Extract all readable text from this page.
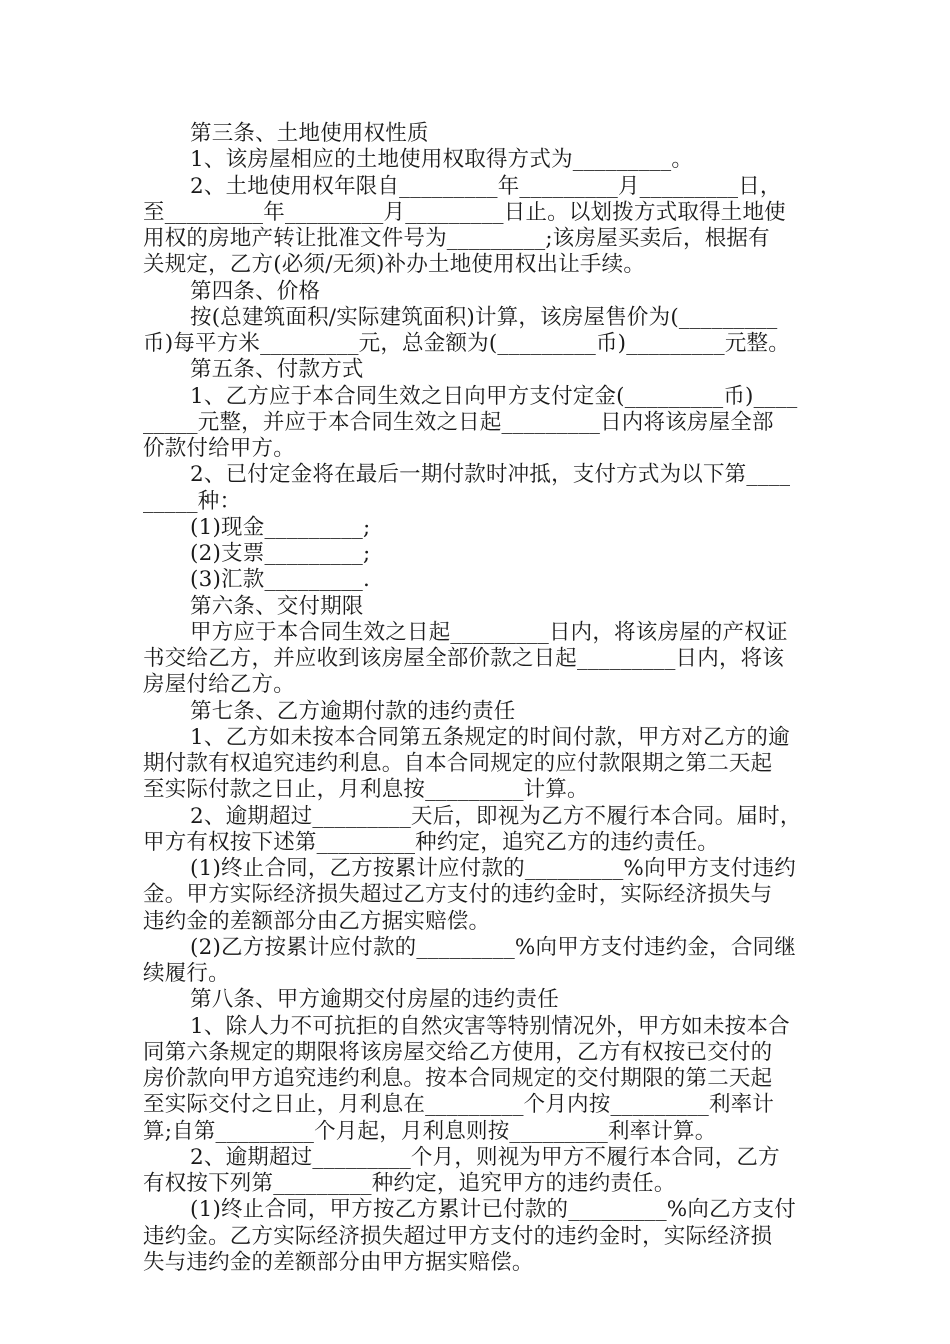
第三条、土地使用权性质
1、该房屋相应的土地使用权取得方式为_________。
2、土地使用权年限自_________年_________月_________日，
至_________年_________月_________日止。以划拨方式取得土地使
用权的房地产转让批准文件号为_________;该房屋买卖后，根据有
关规定，乙方(必须/无须)补办土地使用权出让手续。
第四条、价格
按(总建筑面积/实际建筑面积)计算，该房屋售价为(_________
币)每平方米_________元，总金额为(_________币)_________元整。
第五条、付款方式
1、乙方应于本合同生效之日向甲方支付定金(_________币)____
_____元整，并应于本合同生效之日起_________日内将该房屋全部
价款付给甲方。
2、已付定金将在最后一期付款时冲抵，支付方式为以下第____
_____种：
(1)现金_________;
(2)支票_________;
(3)汇款_________.
第六条、交付期限
甲方应于本合同生效之日起_________日内，将该房屋的产权证
书交给乙方，并应收到该房屋全部价款之日起_________日内，将该
房屋付给乙方。
第七条、乙方逾期付款的违约责任
1、乙方如未按本合同第五条规定的时间付款，甲方对乙方的逾
期付款有权追究违约利息。自本合同规定的应付款限期之第二天起
至实际付款之日止，月利息按_________计算。
2、逾期超过_________天后，即视为乙方不履行本合同。届时，
甲方有权按下述第_________种约定，追究乙方的违约责任。
(1)终止合同，乙方按累计应付款的_________%向甲方支付违约
金。甲方实际经济损失超过乙方支付的违约金时，实际经济损失与
违约金的差额部分由乙方据实赔偿。
(2)乙方按累计应付款的_________%向甲方支付违约金，合同继
续履行。
第八条、甲方逾期交付房屋的违约责任
1、除人力不可抗拒的自然灾害等特别情况外，甲方如未按本合
同第六条规定的期限将该房屋交给乙方使用，乙方有权按已交付的
房价款向甲方追究违约利息。按本合同规定的交付期限的第二天起
至实际交付之日止，月利息在_________个月内按_________利率计
算;自第_________个月起，月利息则按_________利率计算。
2、逾期超过_________个月，则视为甲方不履行本合同，乙方
有权按下列第_________种约定，追究甲方的违约责任。
(1)终止合同，甲方按乙方累计已付款的_________%向乙方支付
违约金。乙方实际经济损失超过甲方支付的违约金时，实际经济损
失与违约金的差额部分由甲方据实赔偿。
